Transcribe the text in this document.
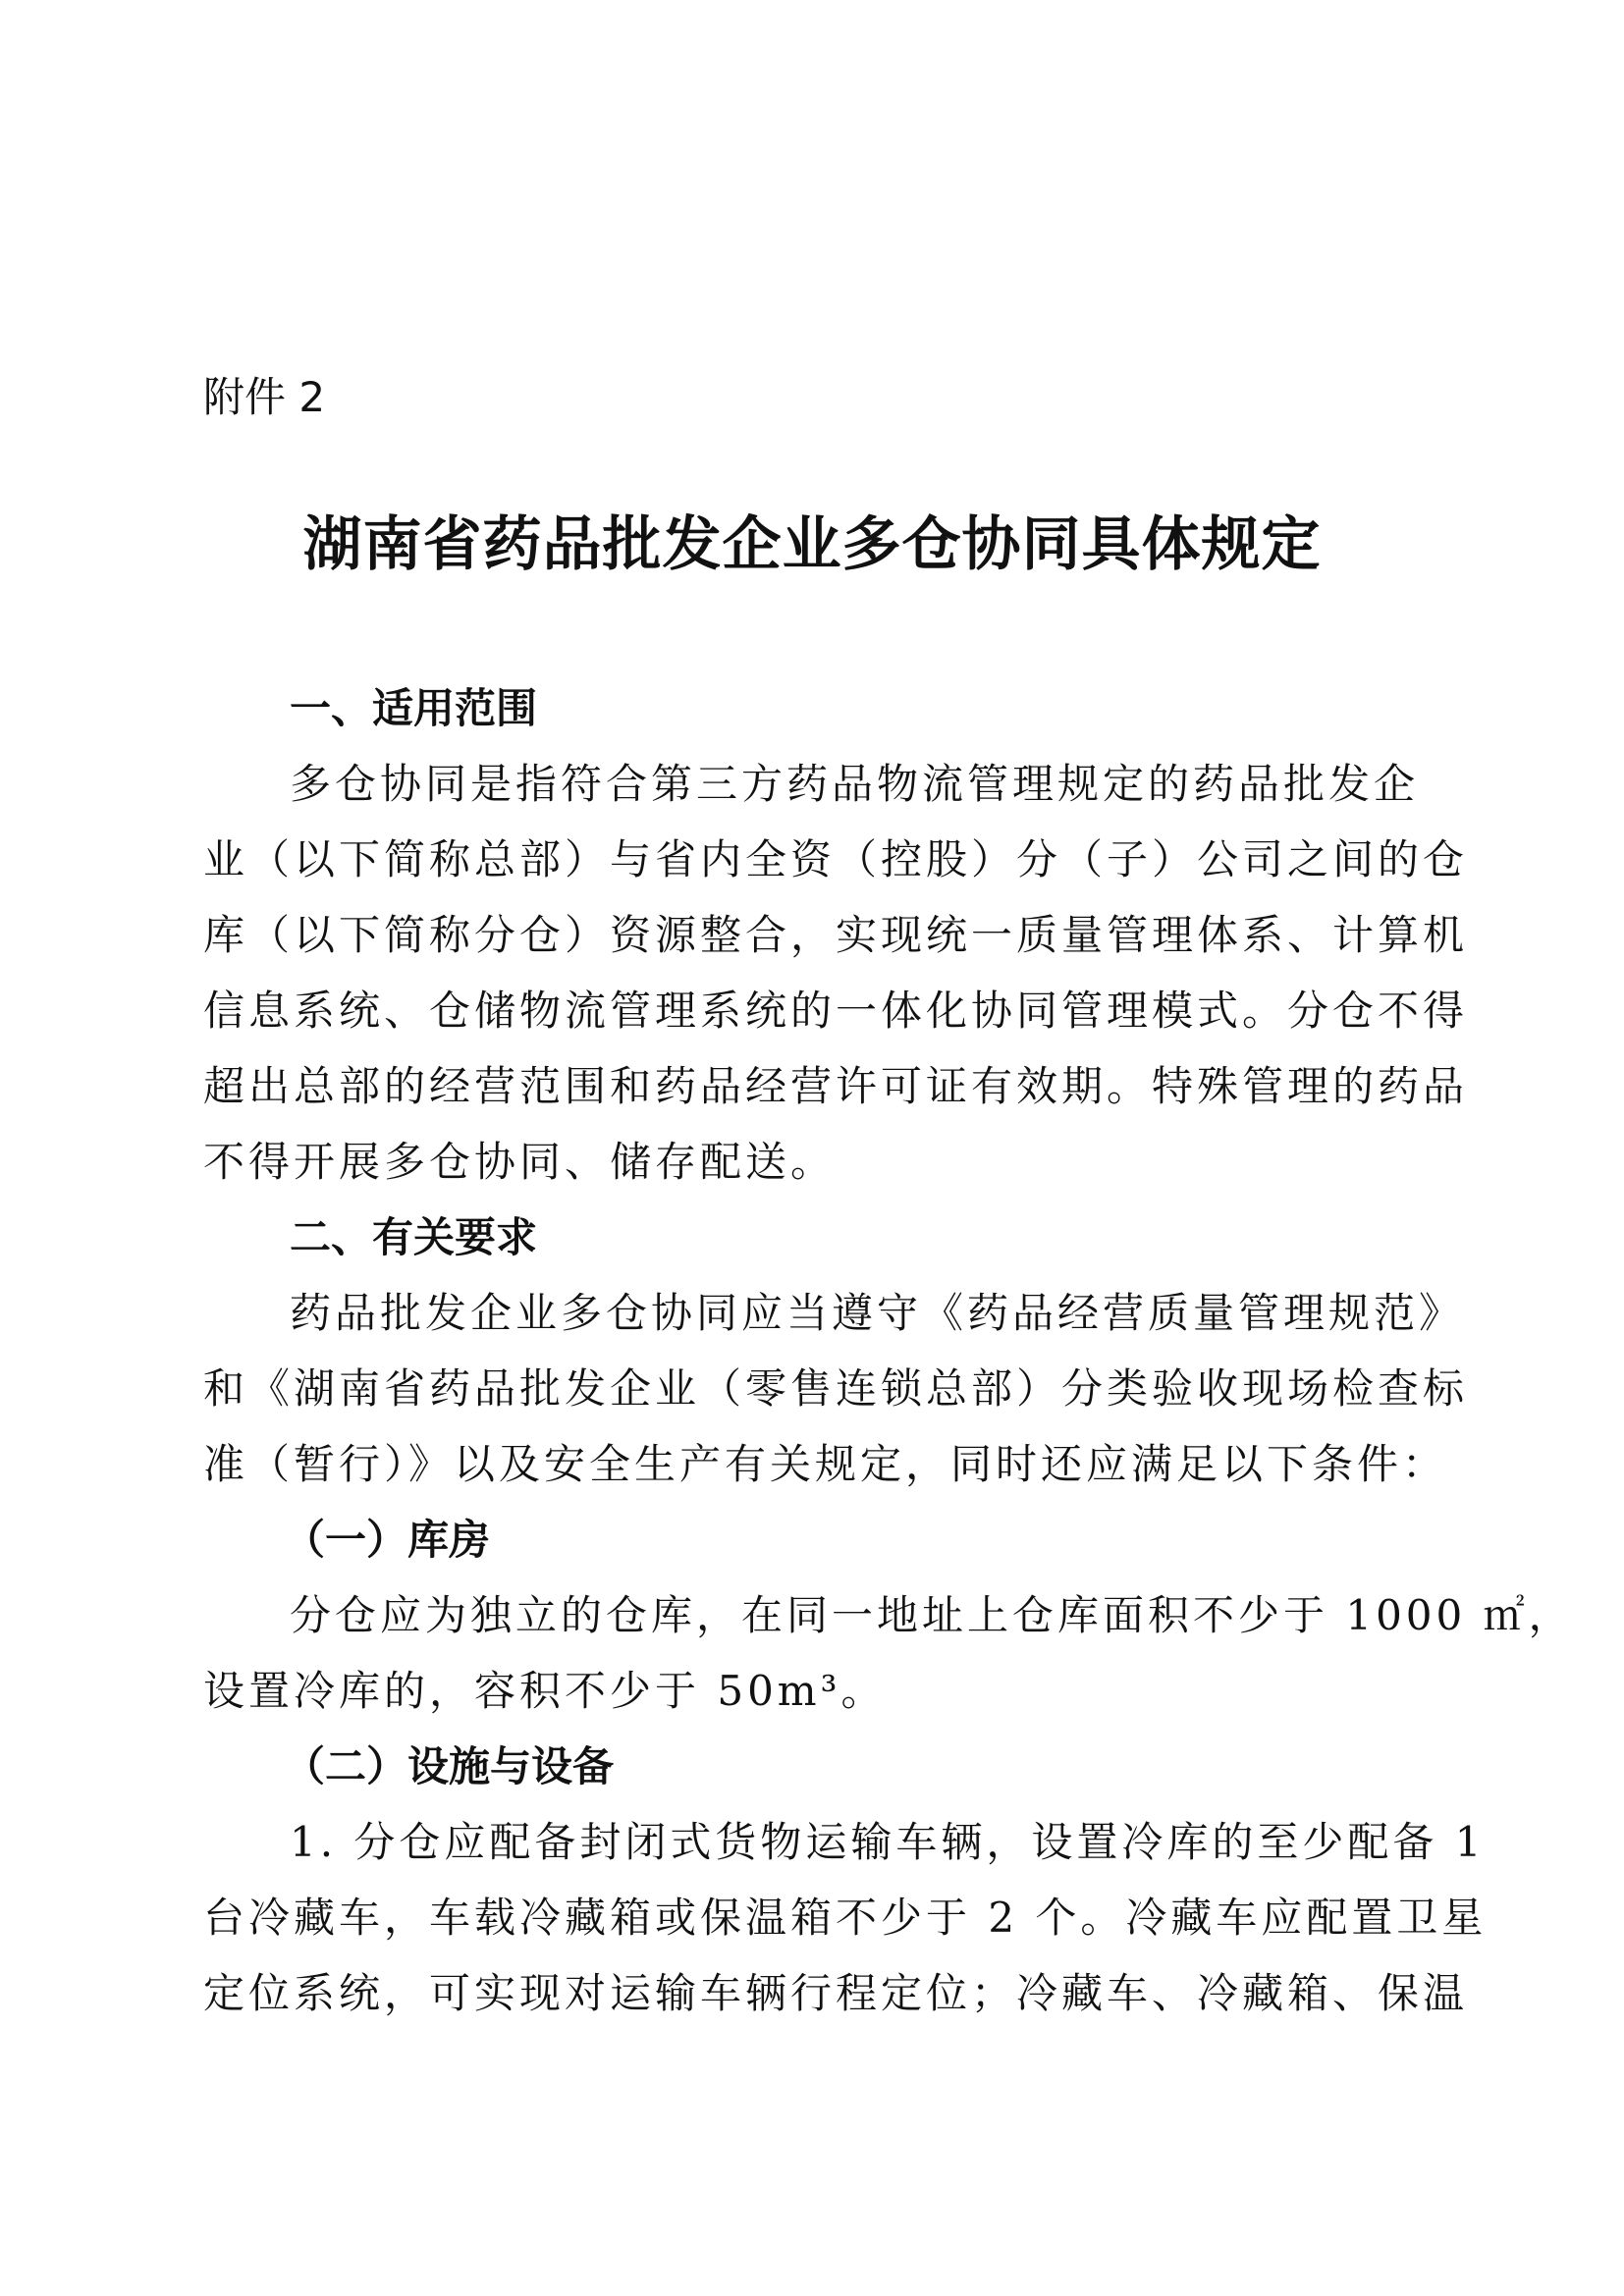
附件 2
湖南省药品批发企业多仓协同具体规定
一、适用范围
多仓协同是指符合第三方药品物流管理规定的药品批发企
业（以下简称总部）与省内全资（控股）分（子）公司之间的仓
库（以下简称分仓）资源整合，实现统一质量管理体系、计算机
信息系统、仓储物流管理系统的一体化协同管理模式。分仓不得
超出总部的经营范围和药品经营许可证有效期。特殊管理的药品
不得开展多仓协同、储存配送。
二、有关要求
药品批发企业多仓协同应当遵守《药品经营质量管理规范》
和《湖南省药品批发企业（零售连锁总部）分类验收现场检查标
准（暂行）》以及安全生产有关规定，同时还应满足以下条件：
（一）库房
分仓应为独立的仓库，在同一地址上仓库面积不少于 1000 ㎡，
设置冷库的，容积不少于 50m³。
（二）设施与设备
1. 分仓应配备封闭式货物运输车辆，设置冷库的至少配备 1
台冷藏车，车载冷藏箱或保温箱不少于 2 个。冷藏车应配置卫星
定位系统，可实现对运输车辆行程定位；冷藏车、冷藏箱、保温
